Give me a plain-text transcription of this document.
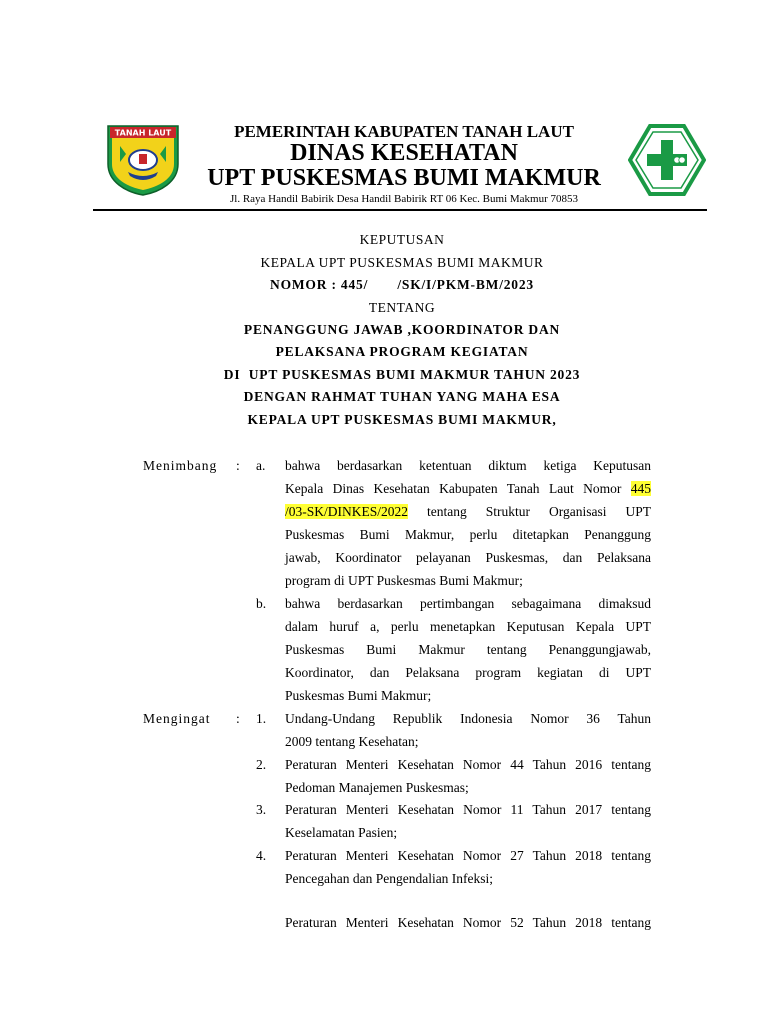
TANAH LAUT	PEMERINTAH KABUPATEN TANAH LAUT
DINAS KESEHATAN
UPT PUSKESMAS BUMI MAKMUR
Jl. Raya Handil Babirik Desa Handil Babirik RT 06 Kec. Bumi Makmur 70853
KEPUTUSAN
KEPALA UPT PUSKESMAS BUMI MAKMUR
NOMOR : 445/       /SK/I/PKM-BM/2023
TENTANG
PENANGGUNG JAWAB ,KOORDINATOR DAN
PELAKSANA PROGRAM KEGIATAN
DI  UPT PUSKESMAS BUMI MAKMUR TAHUN 2023
DENGAN RAHMAT TUHAN YANG MAHA ESA
KEPALA UPT PUSKESMAS BUMI MAKMUR,
Menimbang : a. bahwa berdasarkan ketentuan diktum ketiga Keputusan
Kepala Dinas Kesehatan Kabupaten Tanah Laut Nomor 445
/03-SK/DINKES/2022 tentang Struktur Organisasi UPT
Puskesmas Bumi Makmur, perlu ditetapkan Penanggung
jawab, Koordinator pelayanan Puskesmas, dan Pelaksana
program di UPT Puskesmas Bumi Makmur;
b. bahwa berdasarkan pertimbangan sebagaimana dimaksud
dalam huruf a, perlu menetapkan Keputusan Kepala UPT
Puskesmas Bumi Makmur tentang Penanggungjawab,
Koordinator, dan Pelaksana program kegiatan di UPT
Puskesmas Bumi Makmur;
Mengingat : 1. Undang-Undang Republik Indonesia Nomor 36 Tahun
2009 tentang Kesehatan;
2. Peraturan Menteri Kesehatan Nomor 44 Tahun 2016 tentang
Pedoman Manajemen Puskesmas;
3. Peraturan Menteri Kesehatan Nomor 11 Tahun 2017 tentang
Keselamatan Pasien;
4. Peraturan Menteri Kesehatan Nomor 27 Tahun 2018 tentang
Pencegahan dan Pengendalian Infeksi;
Peraturan Menteri Kesehatan Nomor 52 Tahun 2018 tentang
